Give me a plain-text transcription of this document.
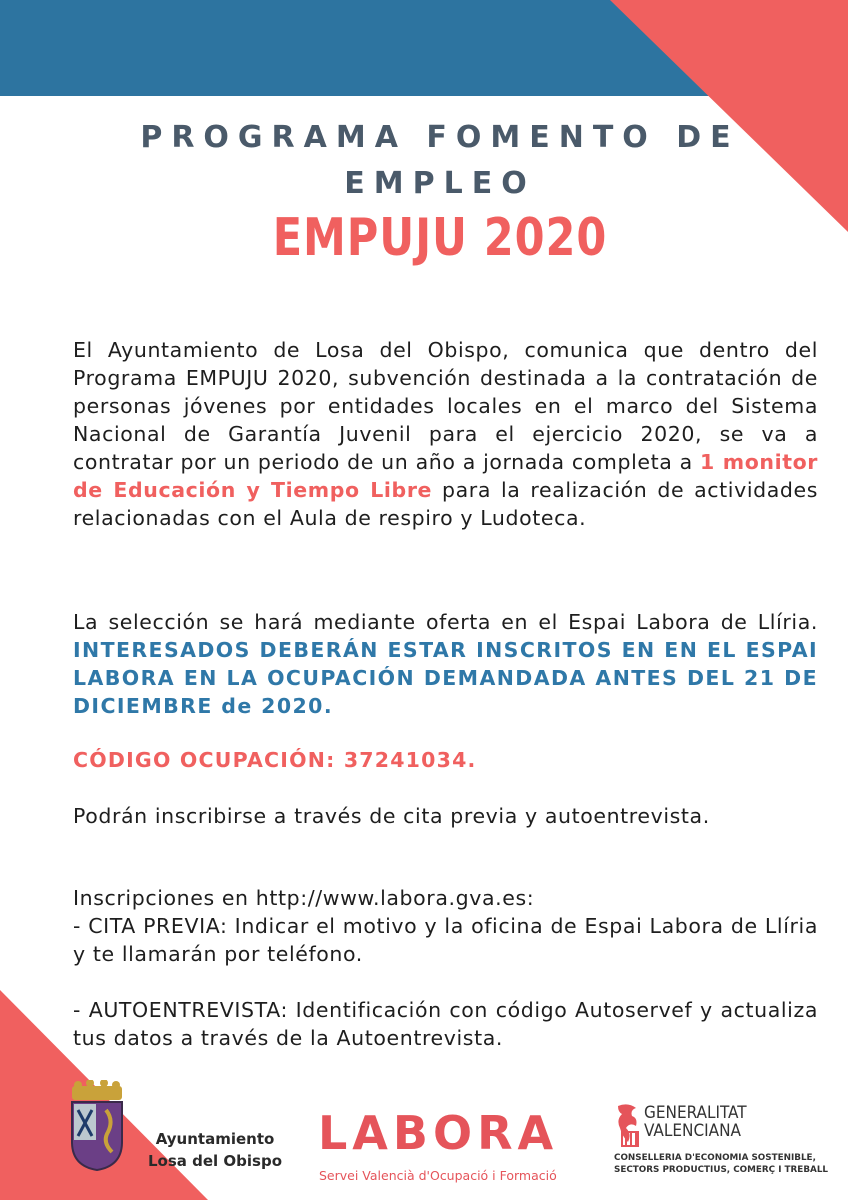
PROGRAMA FOMENTO DE
EMPLEO
EMPUJU 2020
El Ayuntamiento de Losa del Obispo, comunica que dentro del Programa EMPUJU 2020, subvención destinada a la contratación de personas jóvenes por entidades locales en el marco del Sistema Nacional de Garantía Juvenil para el ejercicio 2020, se va a contratar por un periodo de un año a jornada completa a 1 monitor de Educación y Tiempo Libre para la realización de actividades relacionadas con el Aula de respiro y Ludoteca.
La selección se hará mediante oferta en el Espai Labora de Llíria. INTERESADOS DEBERÁN ESTAR INSCRITOS EN EN EL ESPAI LABORA EN LA OCUPACIÓN DEMANDADA ANTES DEL 21 DE DICIEMBRE de 2020.
CÓDIGO OCUPACIÓN: 37241034.
Podrán inscribirse a través de cita previa y autoentrevista.
Inscripciones en http://www.labora.gva.es:
- CITA PREVIA: Indicar el motivo y la oficina de Espai Labora de Llíria y te llamarán por teléfono.
- AUTOENTREVISTA: Identificación con código Autoservef y actualiza tus datos a través de la Autoentrevista.
Ayuntamiento
Losa del Obispo
LABORA
Servei Valencià d'Ocupació i Formació
GENERALITAT
VALENCIANA
CONSELLERIA D'ECONOMIA SOSTENIBLE,
SECTORS PRODUCTIUS, COMERÇ I TREBALL
